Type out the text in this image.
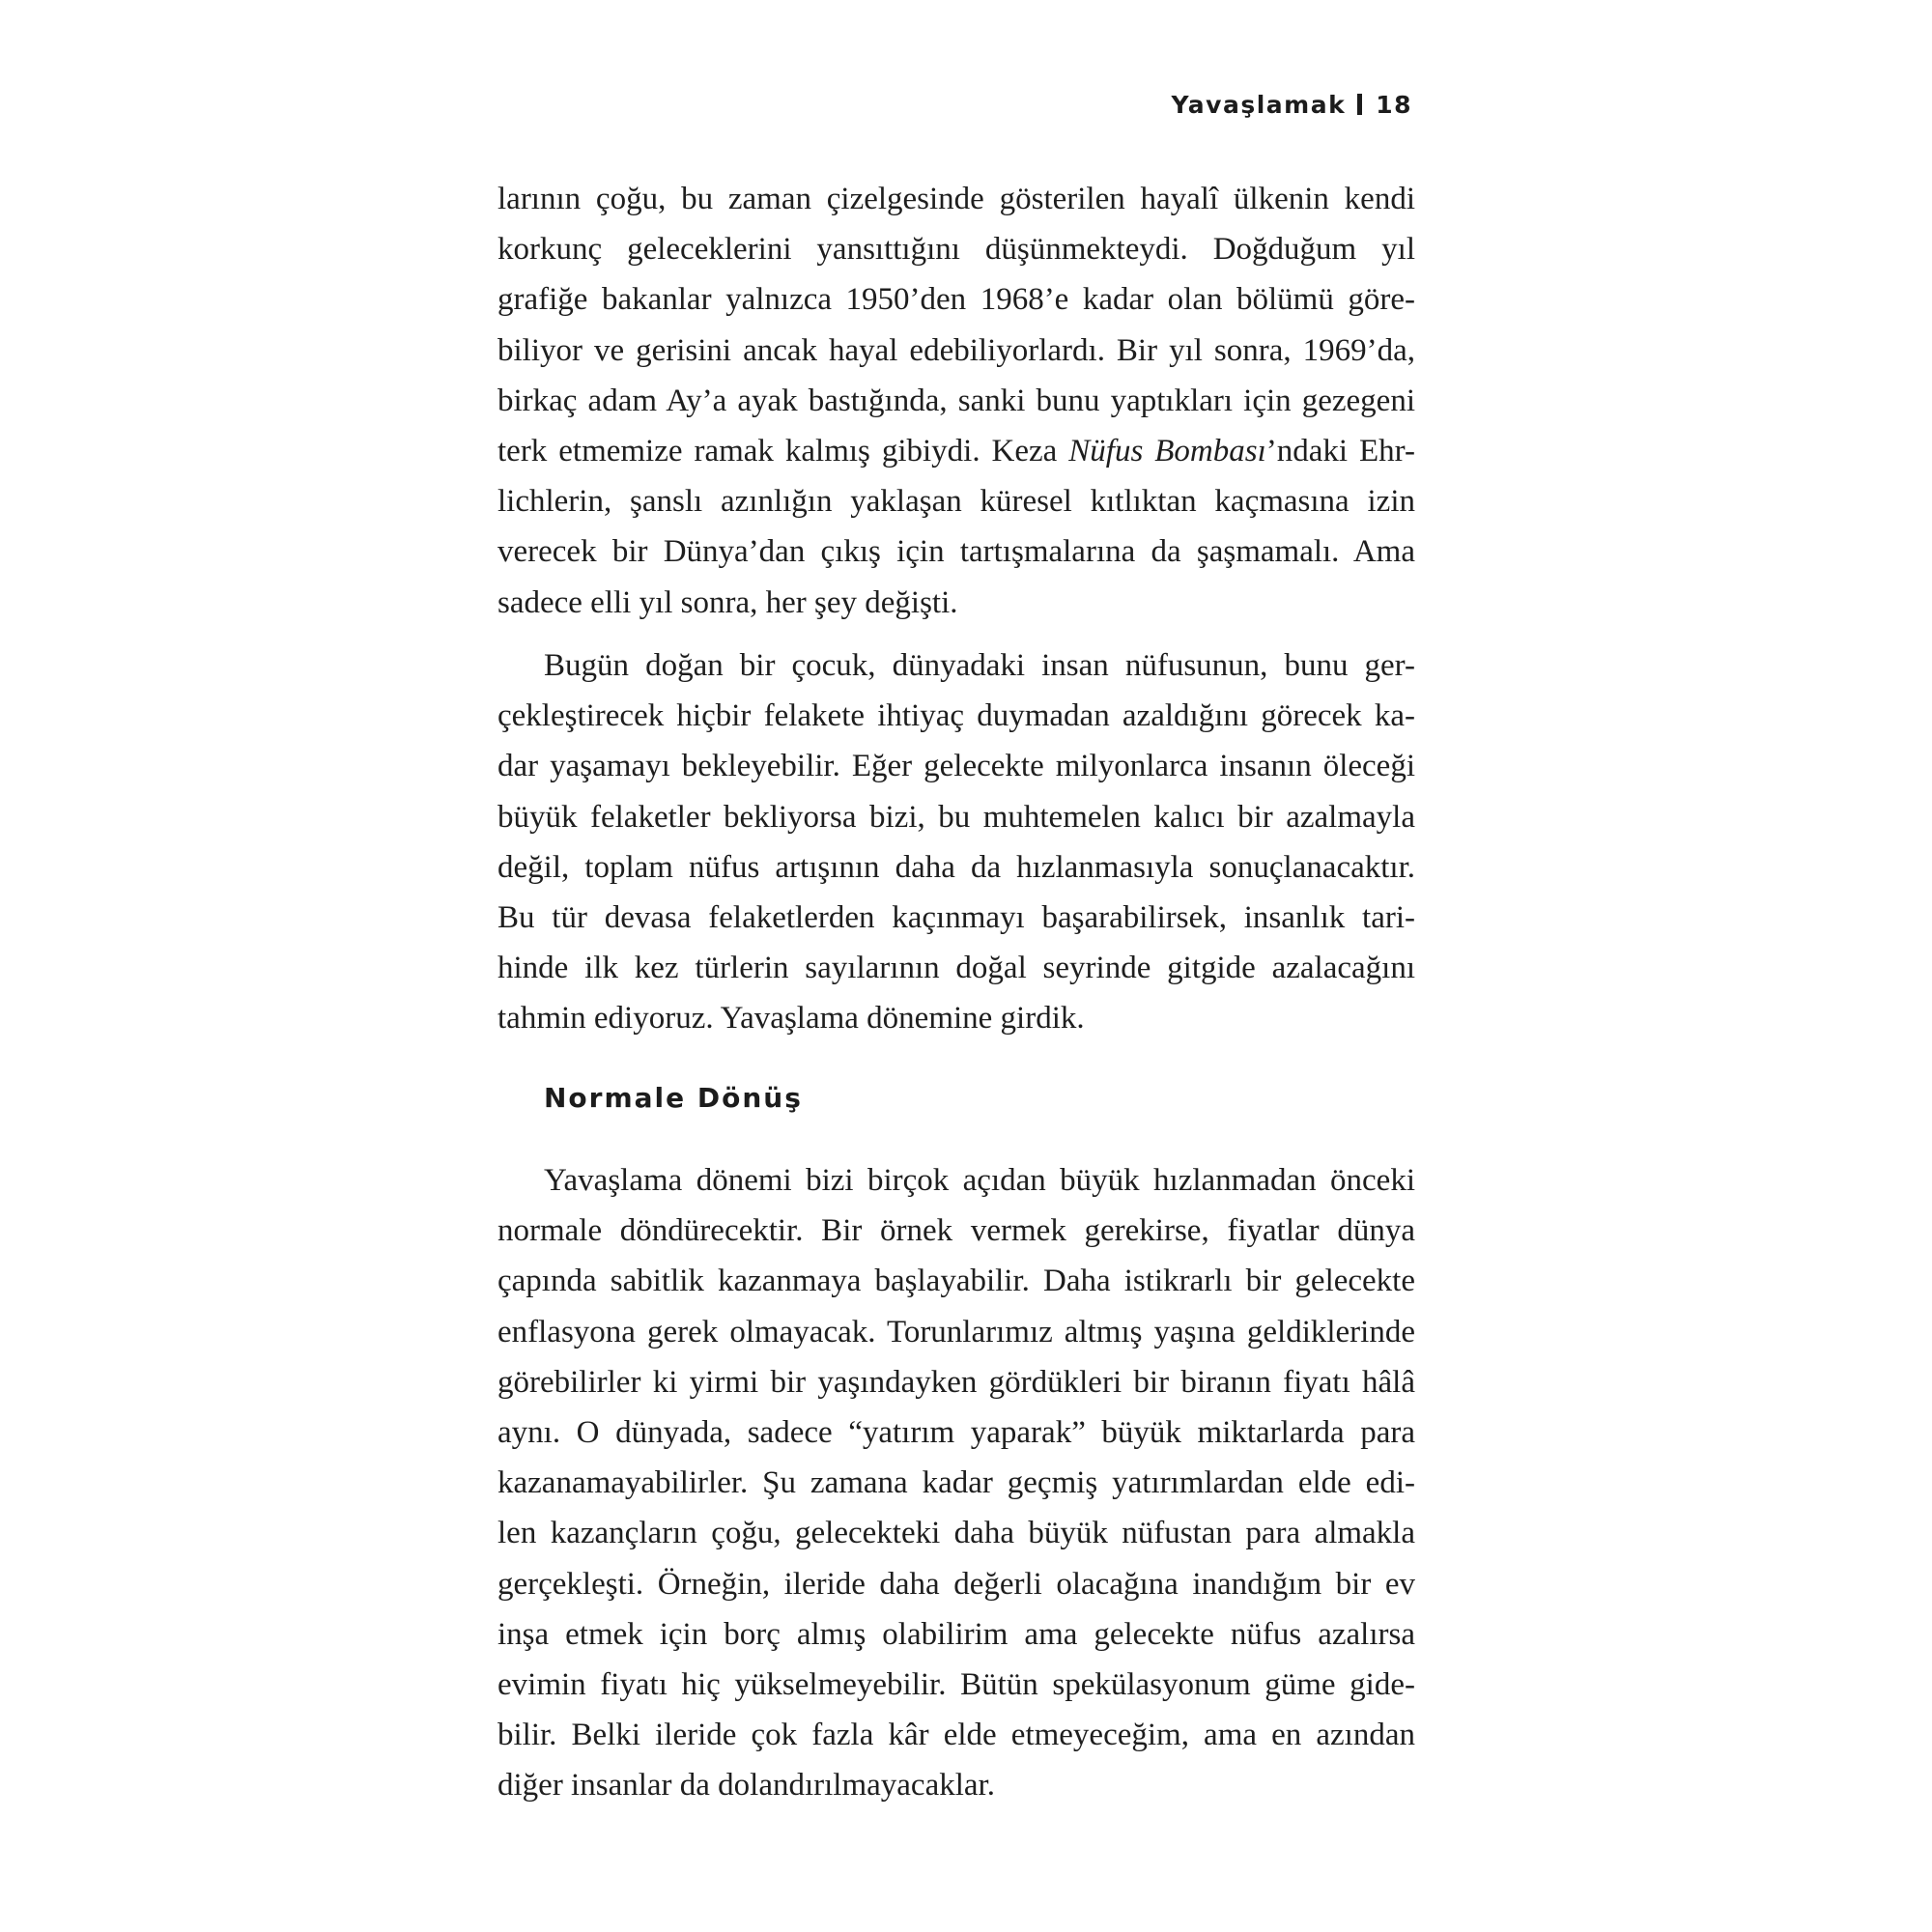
Yavaşlamak 18
larının çoğu, bu zaman çizelgesinde gösterilen hayalî ülkenin kendi
korkunç geleceklerini yansıttığını düşünmekteydi. Doğduğum yıl
grafiğe bakanlar yalnızca 1950’den 1968’e kadar olan bölümü göre-
biliyor ve gerisini ancak hayal edebiliyorlardı. Bir yıl sonra, 1969’da,
birkaç adam Ay’a ayak bastığında, sanki bunu yaptıkları için gezegeni
terk etmemize ramak kalmış gibiydi. Keza Nüfus Bombası’ndaki Ehr-
lichlerin, şanslı azınlığın yaklaşan küresel kıtlıktan kaçmasına izin
verecek bir Dünya’dan çıkış için tartışmalarına da şaşmamalı. Ama
sadece elli yıl sonra, her şey değişti.
Bugün doğan bir çocuk, dünyadaki insan nüfusunun, bunu ger-
çekleştirecek hiçbir felakete ihtiyaç duymadan azaldığını görecek ka-
dar yaşamayı bekleyebilir. Eğer gelecekte milyonlarca insanın öleceği
büyük felaketler bekliyorsa bizi, bu muhtemelen kalıcı bir azalmayla
değil, toplam nüfus artışının daha da hızlanmasıyla sonuçlanacaktır.
Bu tür devasa felaketlerden kaçınmayı başarabilirsek, insanlık tari-
hinde ilk kez türlerin sayılarının doğal seyrinde gitgide azalacağını
tahmin ediyoruz. Yavaşlama dönemine girdik.
Normale Dönüş
Yavaşlama dönemi bizi birçok açıdan büyük hızlanmadan önceki
normale döndürecektir. Bir örnek vermek gerekirse, fiyatlar dünya
çapında sabitlik kazanmaya başlayabilir. Daha istikrarlı bir gelecekte
enflasyona gerek olmayacak. Torunlarımız altmış yaşına geldiklerinde
görebilirler ki yirmi bir yaşındayken gördükleri bir biranın fiyatı hâlâ
aynı. O dünyada, sadece “yatırım yaparak” büyük miktarlarda para
kazanamayabilirler. Şu zamana kadar geçmiş yatırımlardan elde edi-
len kazançların çoğu, gelecekteki daha büyük nüfustan para almakla
gerçekleşti. Örneğin, ileride daha değerli olacağına inandığım bir ev
inşa etmek için borç almış olabilirim ama gelecekte nüfus azalırsa
evimin fiyatı hiç yükselmeyebilir. Bütün spekülasyonum güme gide-
bilir. Belki ileride çok fazla kâr elde etmeyeceğim, ama en azından
diğer insanlar da dolandırılmayacaklar.
